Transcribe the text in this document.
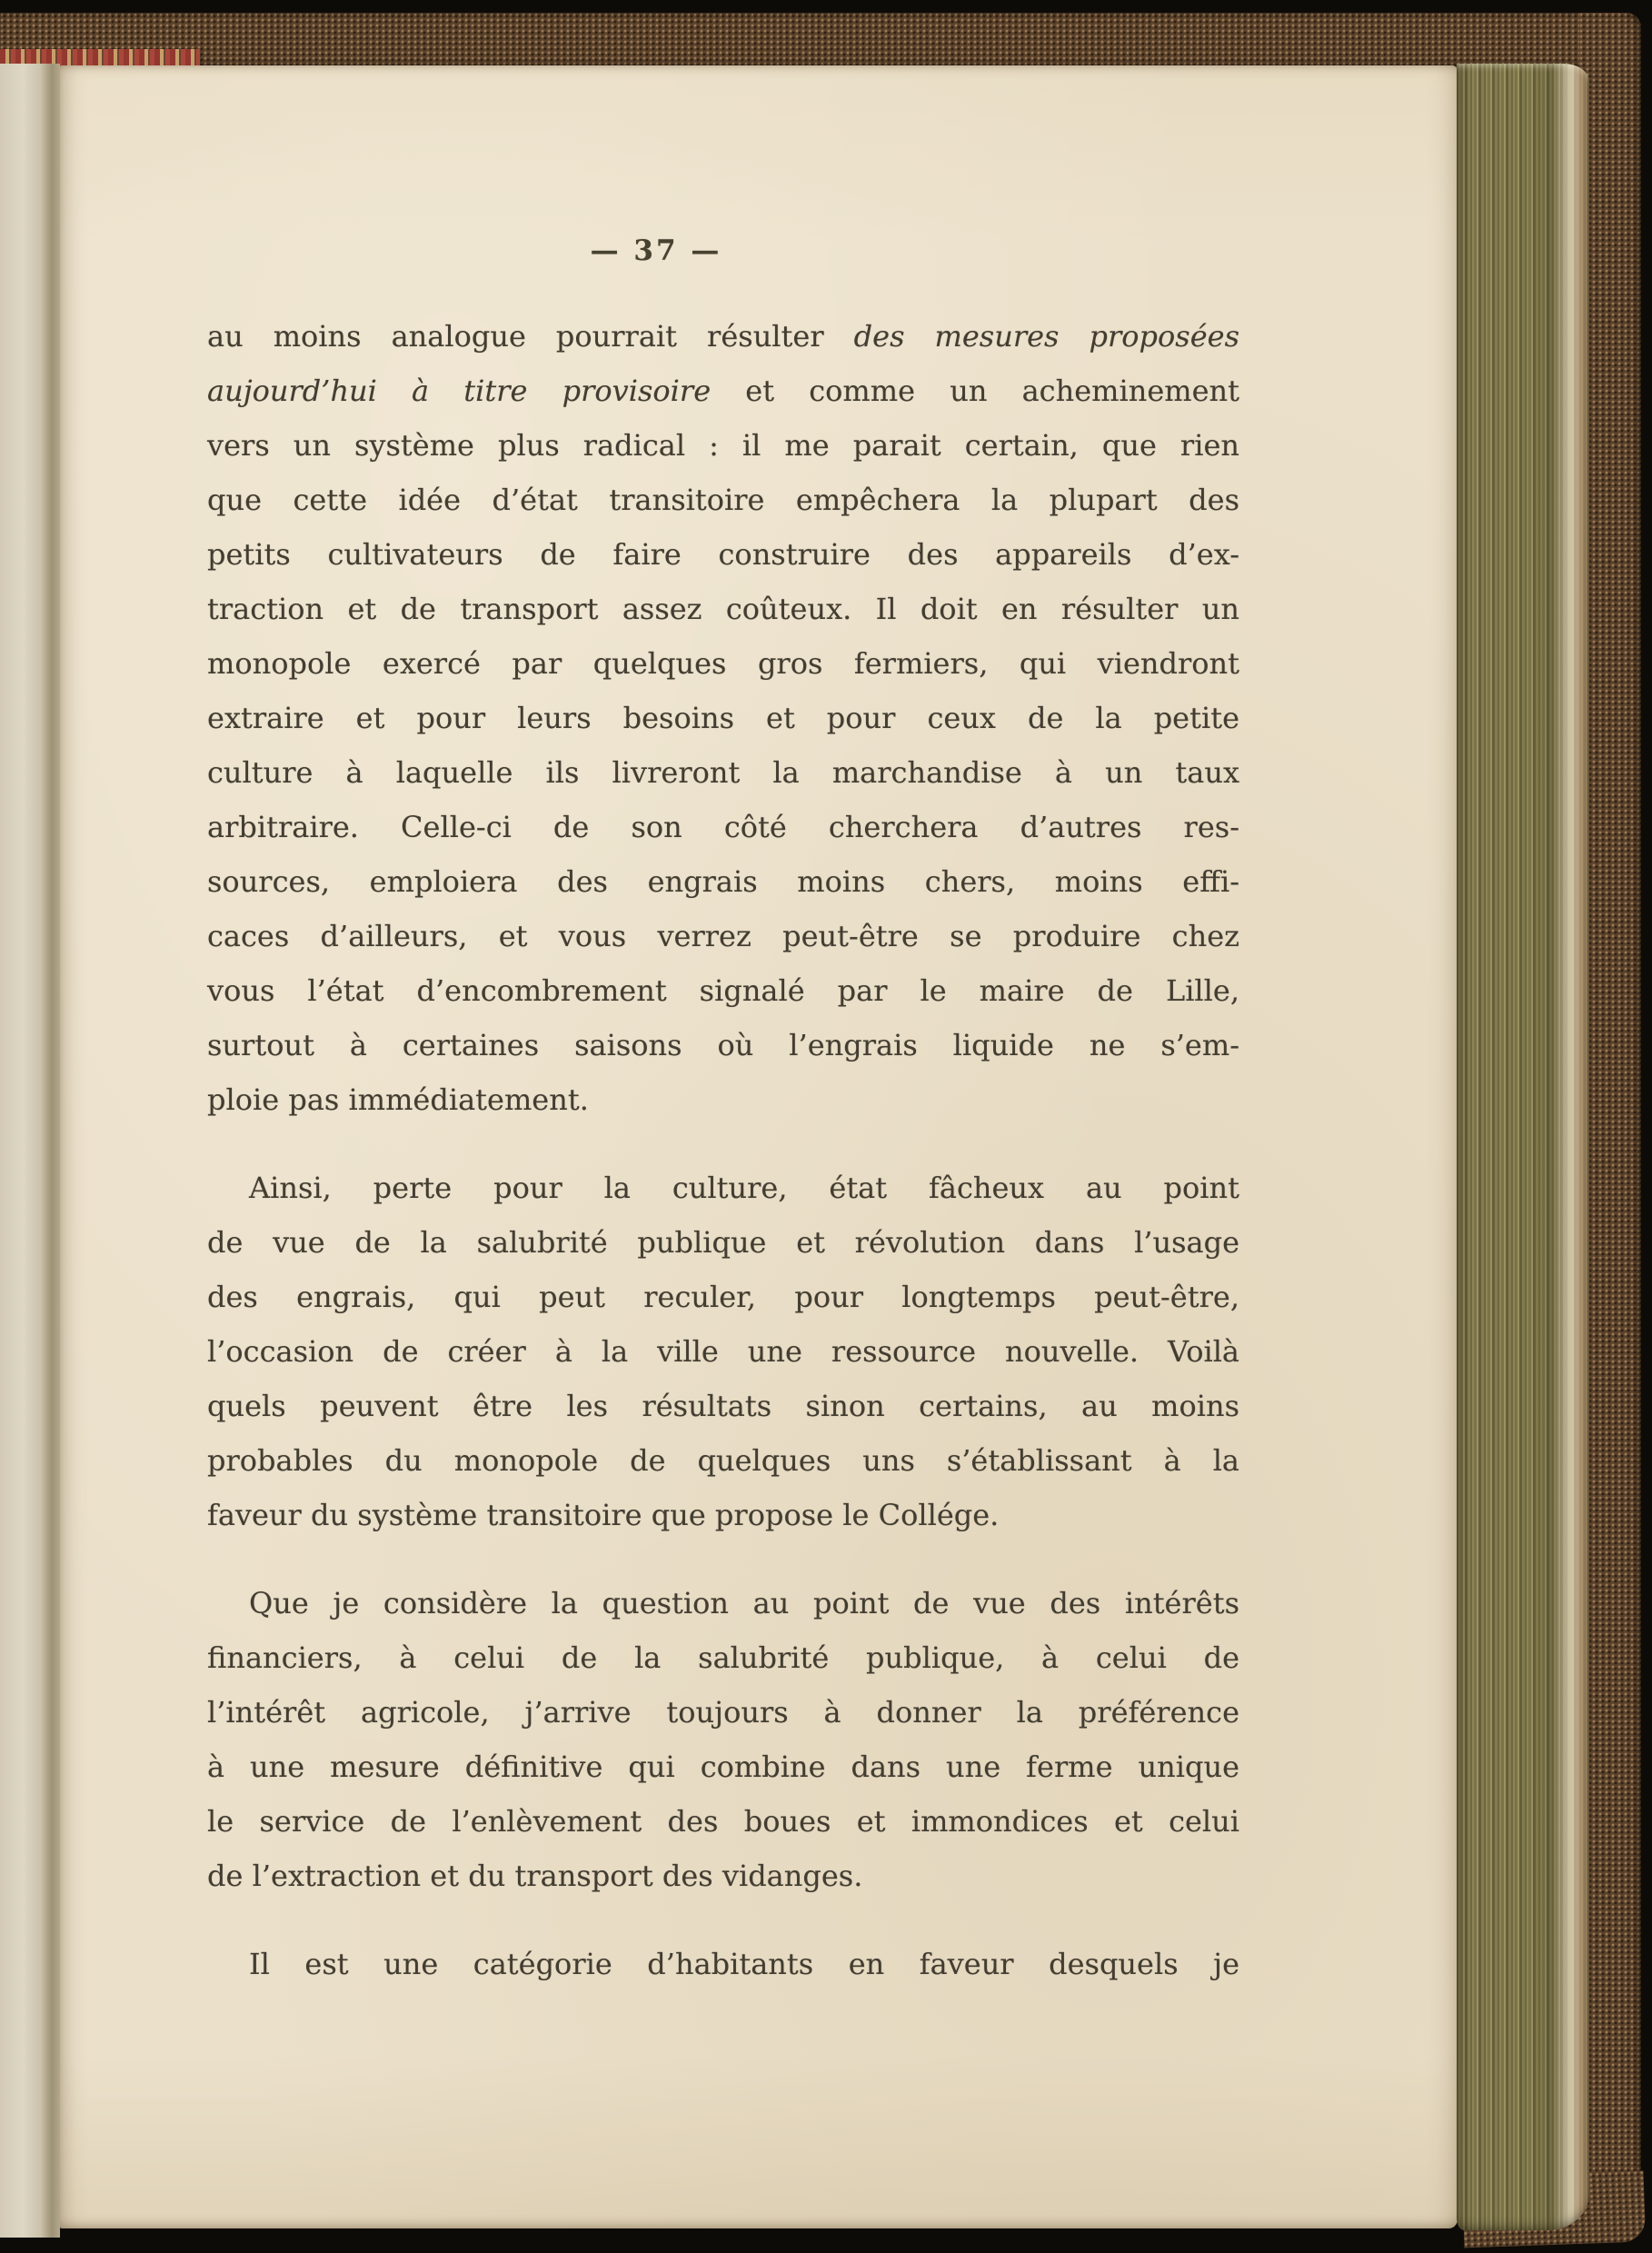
— 37 —
au moins analogue pourrait résulter des mesures proposées
aujourd’hui à titre provisoire et comme un acheminement
vers un système plus radical : il me parait certain, que rien
que cette idée d’état transitoire empêchera la plupart des
petits cultivateurs de faire construire des appareils d’ex-
traction et de transport assez coûteux. Il doit en résulter un
monopole exercé par quelques gros fermiers, qui viendront
extraire et pour leurs besoins et pour ceux de la petite
culture à laquelle ils livreront la marchandise à un taux
arbitraire. Celle-ci de son côté cherchera d’autres res-
sources, emploiera des engrais moins chers, moins effi-
caces d’ailleurs, et vous verrez peut-être se produire chez
vous l’état d’encombrement signalé par le maire de Lille,
surtout à certaines saisons où l’engrais liquide ne s’em-
ploie pas immédiatement.
Ainsi, perte pour la culture, état fâcheux au point
de vue de la salubrité publique et révolution dans l’usage
des engrais, qui peut reculer, pour longtemps peut-être,
l’occasion de créer à la ville une ressource nouvelle. Voilà
quels peuvent être les résultats sinon certains, au moins
probables du monopole de quelques uns s’établissant à la
faveur du système transitoire que propose le Collége.
Que je considère la question au point de vue des intérêts
financiers, à celui de la salubrité publique, à celui de
l’intérêt agricole, j’arrive toujours à donner la préférence
à une mesure définitive qui combine dans une ferme unique
le service de l’enlèvement des boues et immondices et celui
de l’extraction et du transport des vidanges.
Il est une catégorie d’habitants en faveur desquels je
